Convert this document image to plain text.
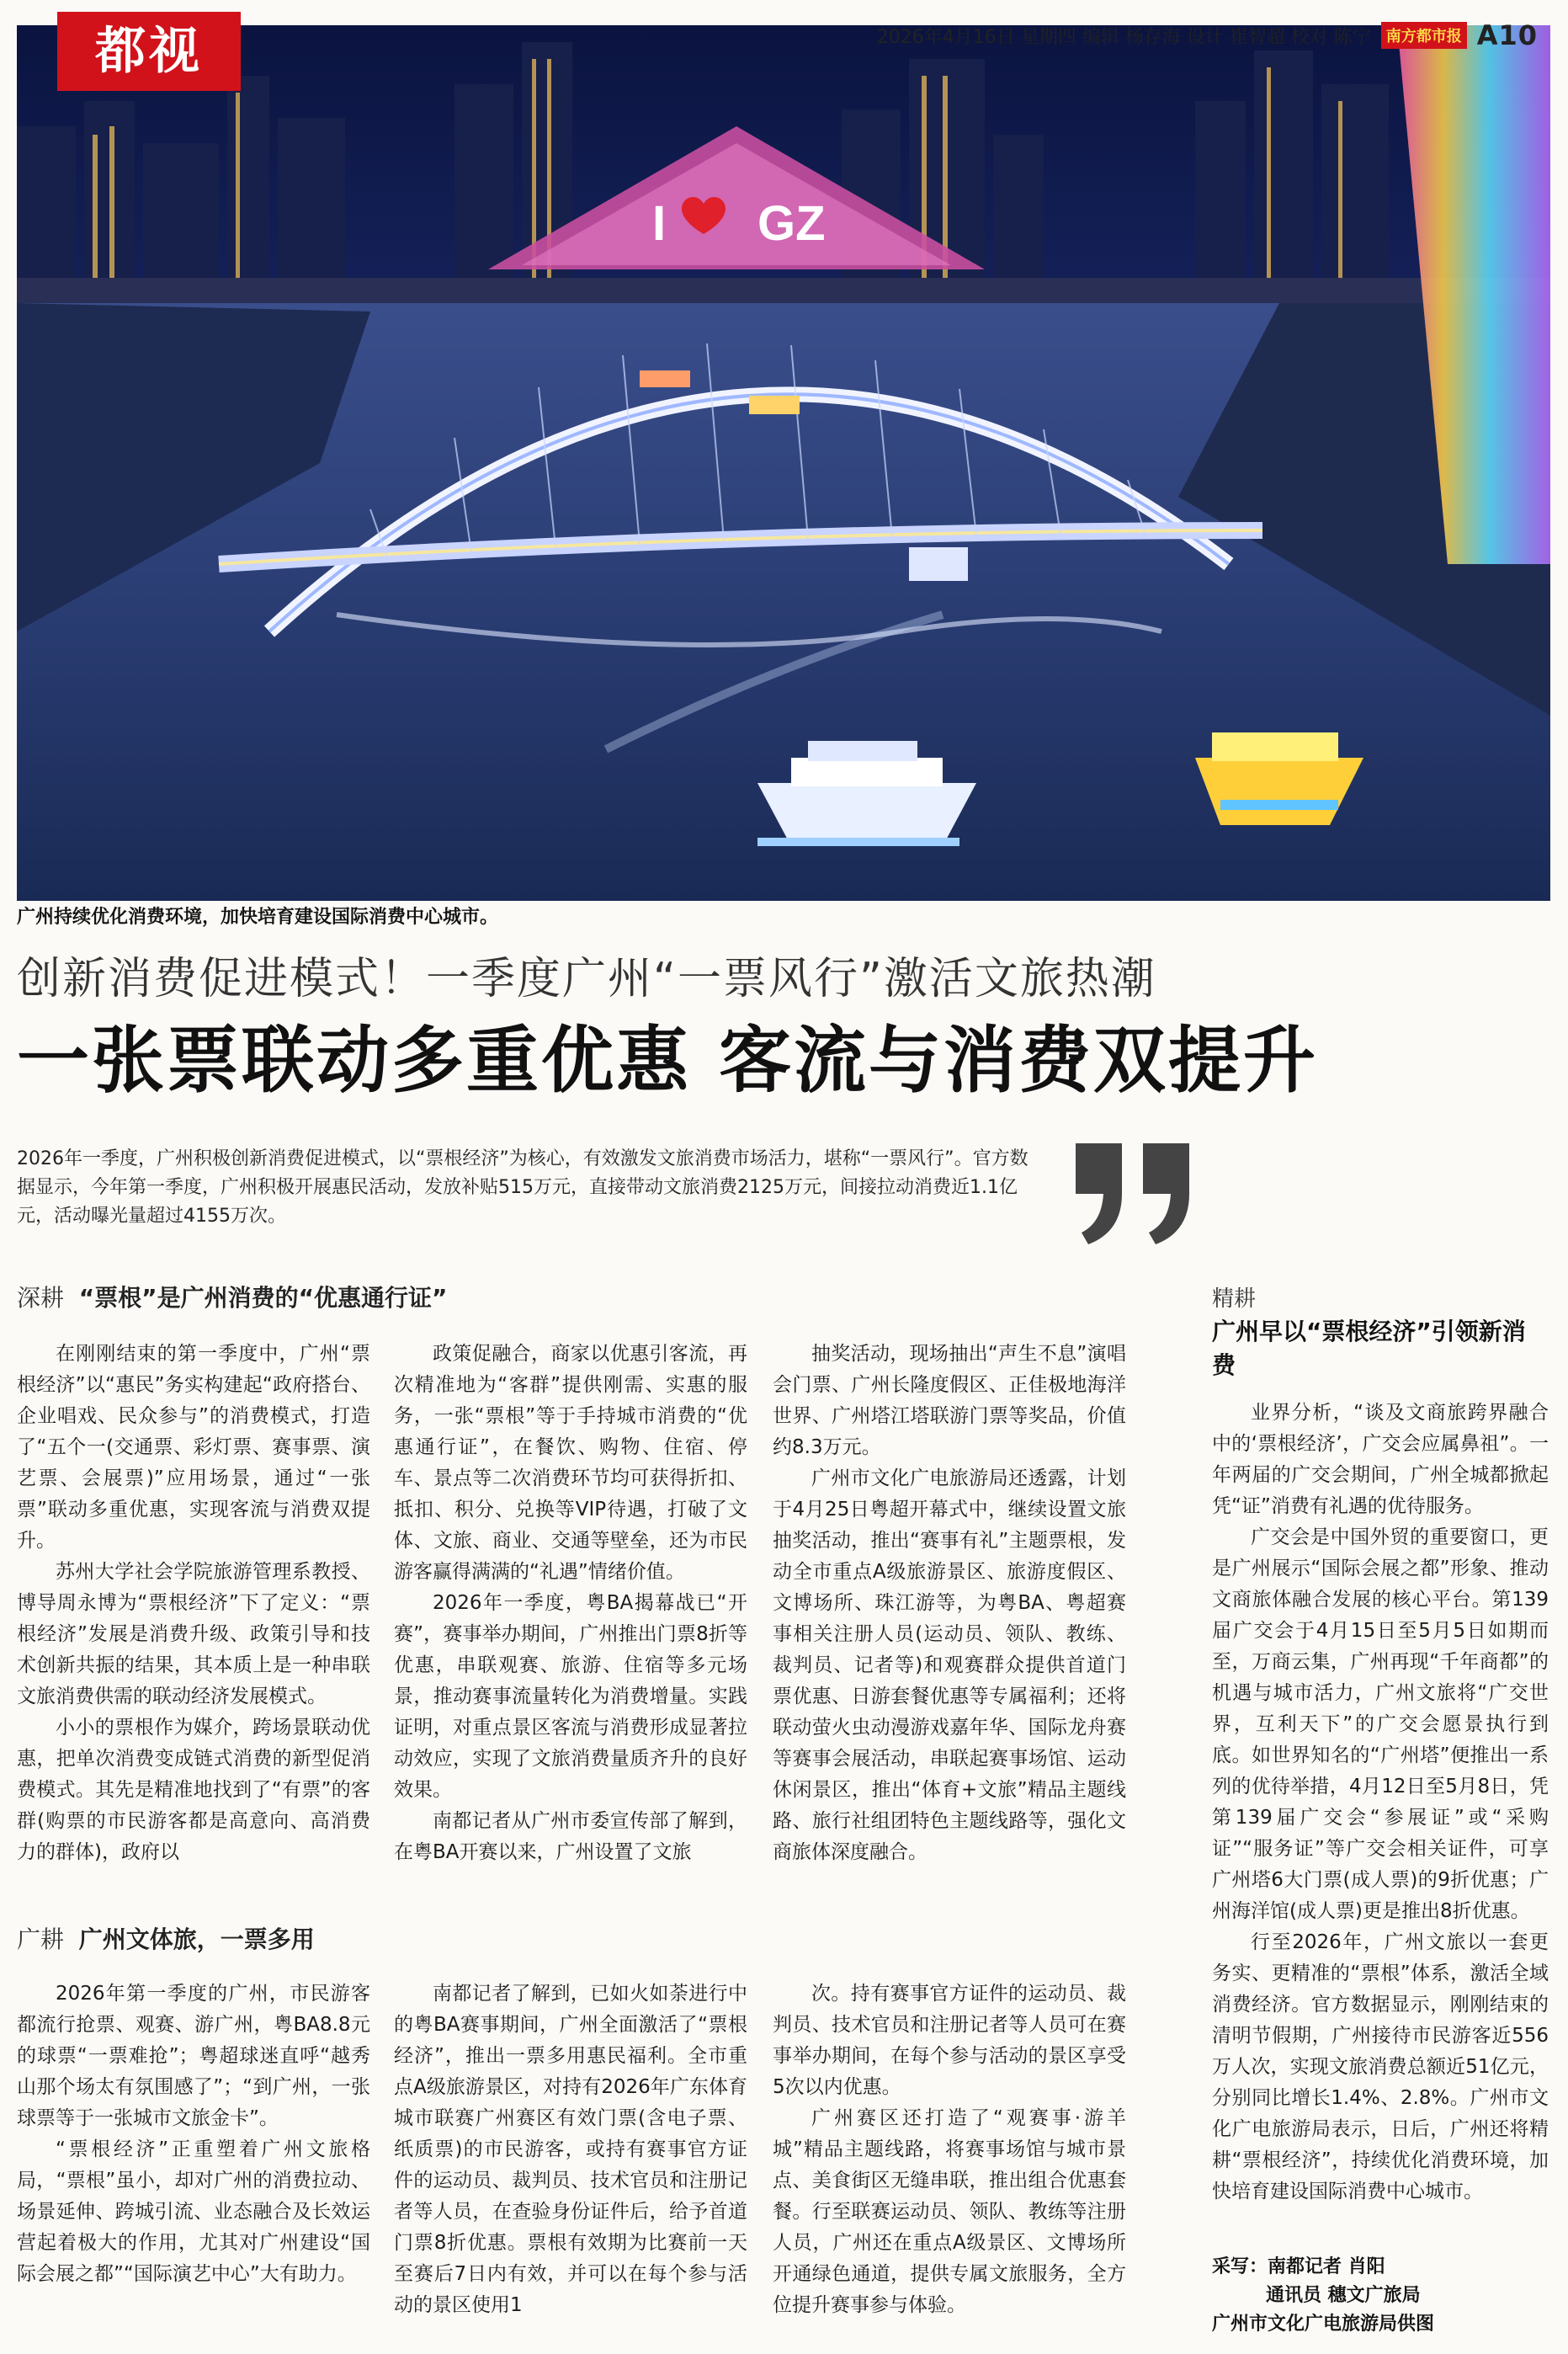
I GZ
都视	2026年4月16日 星期四 编辑 杨存海 设计 崔智超 校对 陈宁	南方都市报 A10
广州持续优化消费环境，加快培育建设国际消费中心城市。
创新消费促进模式！一季度广州“一票风行”激活文旅热潮
一张票联动多重优惠 客流与消费双提升
2026年一季度，广州积极创新消费促进模式，以“票根经济”为核心，有效激发文旅消费市场活力，堪称“一票风行”。官方数据显示，今年第一季度，广州积极开展惠民活动，发放补贴515万元，直接带动文旅消费2125万元，间接拉动消费近1.1亿元，活动曝光量超过4155万次。
深耕 “票根”是广州消费的“优惠通行证”

在刚刚结束的第一季度中，广州“票根经济”以“惠民”务实构建起“政府搭台、企业唱戏、民众参与”的消费模式，打造了“五个一(交通票、彩灯票、赛事票、演艺票、会展票)”应用场景，通过“一张票”联动多重优惠，实现客流与消费双提升。

苏州大学社会学院旅游管理系教授、博导周永博为“票根经济”下了定义：“票根经济”发展是消费升级、政策引导和技术创新共振的结果，其本质上是一种串联文旅消费供需的联动经济发展模式。

小小的票根作为媒介，跨场景联动优惠，把单次消费变成链式消费的新型促消费模式。其先是精准地找到了“有票”的客群(购票的市民游客都是高意向、高消费力的群体)，政府以

政策促融合，商家以优惠引客流，再次精准地为“客群”提供刚需、实惠的服务，一张“票根”等于手持城市消费的“优惠通行证”，在餐饮、购物、住宿、停车、景点等二次消费环节均可获得折扣、抵扣、积分、兑换等VIP待遇，打破了文体、文旅、商业、交通等壁垒，还为市民游客赢得满满的“礼遇”情绪价值。

2026年一季度，粤BA揭幕战已“开赛”，赛事举办期间，广州推出门票8折等优惠，串联观赛、旅游、住宿等多元场景，推动赛事流量转化为消费增量。实践证明，对重点景区客流与消费形成显著拉动效应，实现了文旅消费量质齐升的良好效果。

南都记者从广州市委宣传部了解到，在粤BA开赛以来，广州设置了文旅

抽奖活动，现场抽出“声生不息”演唱会门票、广州长隆度假区、正佳极地海洋世界、广州塔江塔联游门票等奖品，价值约8.3万元。

广州市文化广电旅游局还透露，计划于4月25日粤超开幕式中，继续设置文旅抽奖活动，推出“赛事有礼”主题票根，发动全市重点A级旅游景区、旅游度假区、文博场所、珠江游等，为粤BA、粤超赛事相关注册人员(运动员、领队、教练、裁判员、记者等)和观赛群众提供首道门票优惠、日游套餐优惠等专属福利；还将联动萤火虫动漫游戏嘉年华、国际龙舟赛等赛事会展活动，串联起赛事场馆、运动休闲景区，推出“体育+文旅”精品主题线路、旅行社组团特色主题线路等，强化文商旅体深度融合。

广耕 广州文体旅，一票多用

2026年第一季度的广州，市民游客都流行抢票、观赛、游广州，粤BA8.8元的球票“一票难抢”；粤超球迷直呼“越秀山那个场太有氛围感了”；“到广州，一张球票等于一张城市文旅金卡”。

“票根经济”正重塑着广州文旅格局，“票根”虽小，却对广州的消费拉动、场景延伸、跨城引流、业态融合及长效运营起着极大的作用，尤其对广州建设“国际会展之都”“国际演艺中心”大有助力。

南都记者了解到，已如火如荼进行中的粤BA赛事期间，广州全面激活了“票根经济”，推出一票多用惠民福利。全市重点A级旅游景区，对持有2026年广东体育城市联赛广州赛区有效门票(含电子票、纸质票)的市民游客，或持有赛事官方证件的运动员、裁判员、技术官员和注册记者等人员，在查验身份证件后，给予首道门票8折优惠。票根有效期为比赛前一天至赛后7日内有效，并可以在每个参与活动的景区使用1

次。持有赛事官方证件的运动员、裁判员、技术官员和注册记者等人员可在赛事举办期间，在每个参与活动的景区享受5次以内优惠。

广州赛区还打造了“观赛事·游羊城”精品主题线路，将赛事场馆与城市景点、美食街区无缝串联，推出组合优惠套餐。行至联赛运动员、领队、教练等注册人员，广州还在重点A级景区、文博场所开通绿色通道，提供专属文旅服务，全方位提升赛事参与体验。

精耕
广州早以“票根经济”引领新消费

业界分析，“谈及文商旅跨界融合中的‘票根经济’，广交会应属鼻祖”。一年两届的广交会期间，广州全城都掀起凭“证”消费有礼遇的优待服务。

广交会是中国外贸的重要窗口，更是广州展示“国际会展之都”形象、推动文商旅体融合发展的核心平台。第139届广交会于4月15日至5月5日如期而至，万商云集，广州再现“千年商都”的机遇与城市活力，广州文旅将“广交世界，互利天下”的广交会愿景执行到底。如世界知名的“广州塔”便推出一系列的优待举措，4月12日至5月8日，凭第139届广交会“参展证”或“采购证”“服务证”等广交会相关证件，可享广州塔6大门票(成人票)的9折优惠；广州海洋馆(成人票)更是推出8折优惠。

行至2026年，广州文旅以一套更务实、更精准的“票根”体系，激活全域消费经济。官方数据显示，刚刚结束的清明节假期，广州接待市民游客近556万人次，实现文旅消费总额近51亿元，分别同比增长1.4%、2.8%。广州市文化广电旅游局表示，日后，广州还将精耕“票根经济”，持续优化消费环境，加快培育建设国际消费中心城市。

采写：南都记者 肖阳
通讯员 穗文广旅局
广州市文化广电旅游局供图
